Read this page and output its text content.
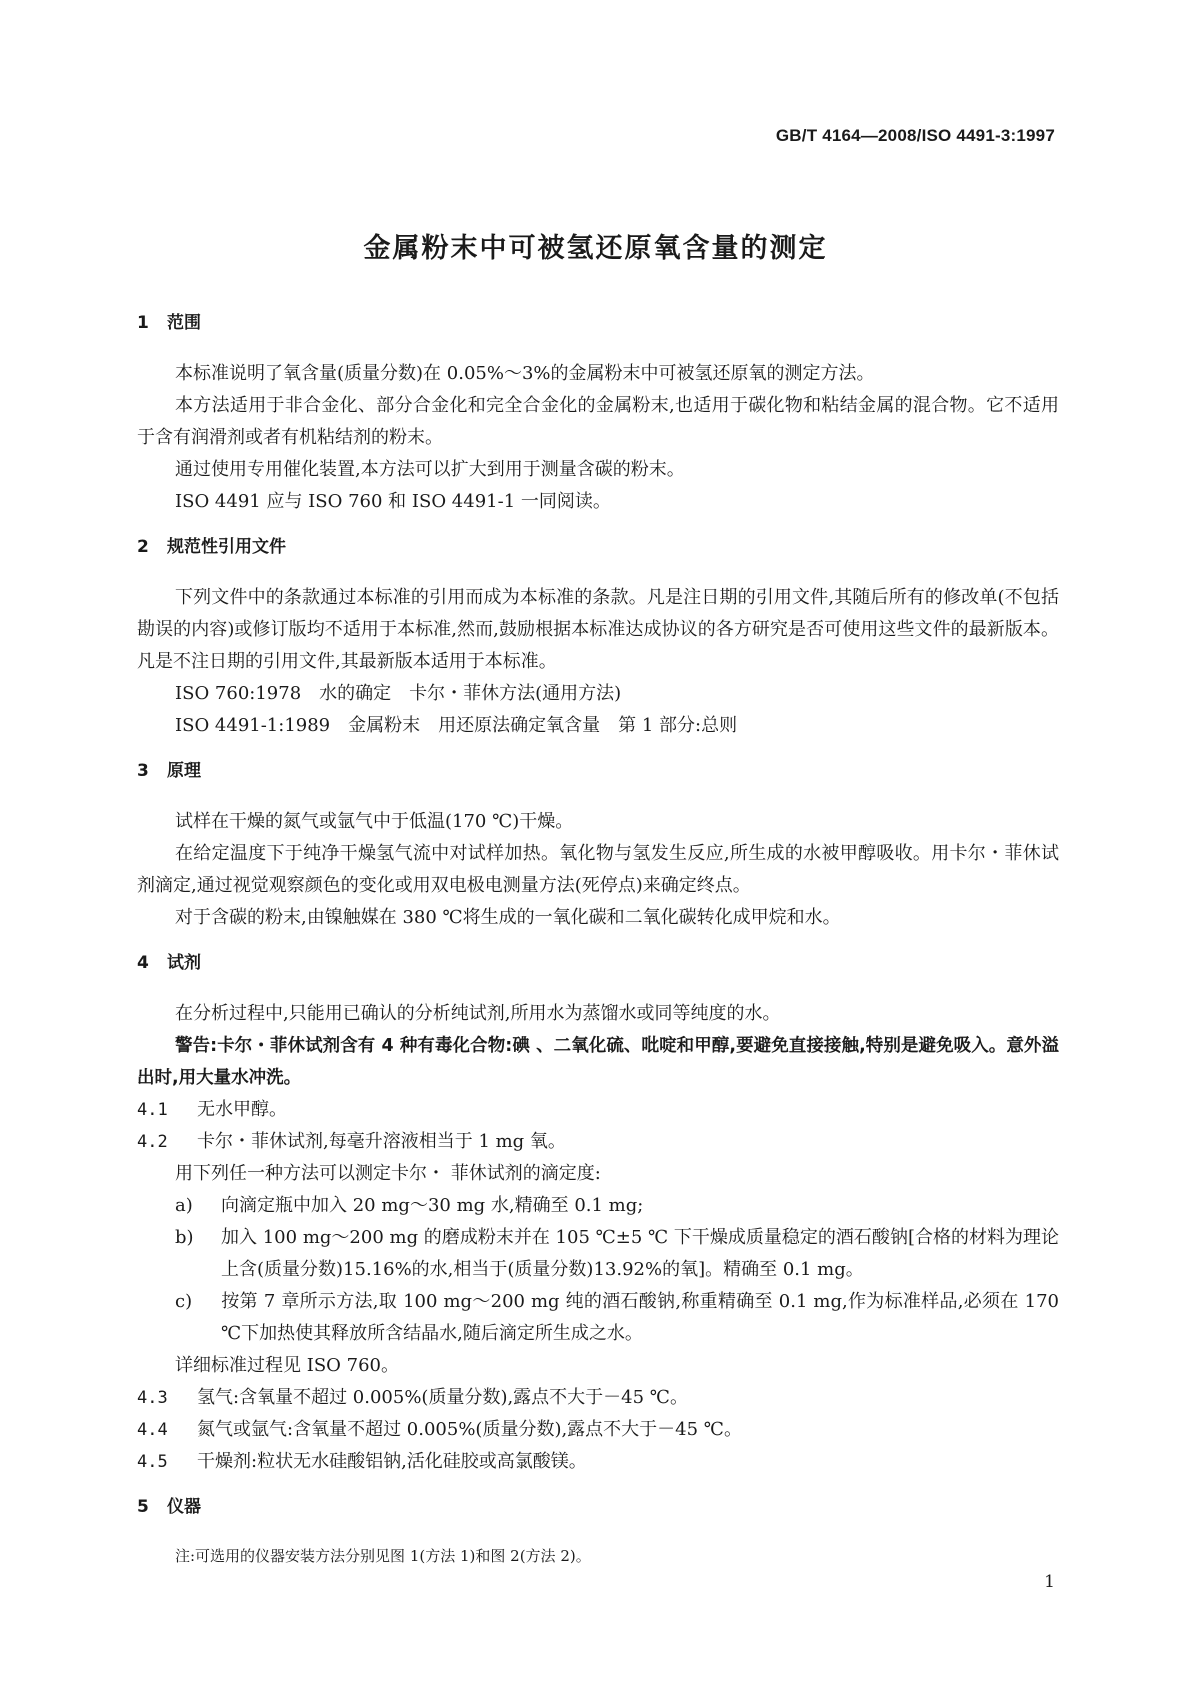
GB/T 4164—2008/ISO 4491-3:1997
金属粉末中可被氢还原氧含量的测定
1 范围

本标准说明了氧含量(质量分数)在 0.05%～3%的金属粉末中可被氢还原氧的测定方法。

本方法适用于非合金化、部分合金化和完全合金化的金属粉末,也适用于碳化物和粘结金属的混合物。它不适用于含有润滑剂或者有机粘结剂的粉末。

通过使用专用催化装置,本方法可以扩大到用于测量含碳的粉末。

ISO 4491 应与 ISO 760 和 ISO 4491-1 一同阅读。

2 规范性引用文件

下列文件中的条款通过本标准的引用而成为本标准的条款。凡是注日期的引用文件,其随后所有的修改单(不包括勘误的内容)或修订版均不适用于本标准,然而,鼓励根据本标准达成协议的各方研究是否可使用这些文件的最新版本。凡是不注日期的引用文件,其最新版本适用于本标准。

ISO 760:1978　水的确定　卡尔・菲休方法(通用方法)

ISO 4491-1:1989　金属粉末　用还原法确定氧含量　第 1 部分:总则

3 原理

试样在干燥的氮气或氩气中于低温(170 ℃)干燥。

在给定温度下于纯净干燥氢气流中对试样加热。氧化物与氢发生反应,所生成的水被甲醇吸收。用卡尔・菲休试剂滴定,通过视觉观察颜色的变化或用双电极电测量方法(死停点)来确定终点。

对于含碳的粉末,由镍触媒在 380 ℃将生成的一氧化碳和二氧化碳转化成甲烷和水。

4 试剂

在分析过程中,只能用已确认的分析纯试剂,所用水为蒸馏水或同等纯度的水。

警告:卡尔・菲休试剂含有 4 种有毒化合物:碘 、二氧化硫、吡啶和甲醇,要避免直接接触,特别是避免吸入。意外溢出时,用大量水冲洗。

4.1 无水甲醇。

4.2 卡尔・菲休试剂,每毫升溶液相当于 1 mg 氧。

用下列任一种方法可以测定卡尔・ 菲休试剂的滴定度:

a) 向滴定瓶中加入 20 mg～30 mg 水,精确至 0.1 mg;

b) 加入 100 mg～200 mg 的磨成粉末并在 105 ℃±5 ℃ 下干燥成质量稳定的酒石酸钠[合格的材料为理论上含(质量分数)15.16%的水,相当于(质量分数)13.92%的氧]。精确至 0.1 mg。

c) 按第 7 章所示方法,取 100 mg～200 mg 纯的酒石酸钠,称重精确至 0.1 mg,作为标准样品,必须在 170 ℃下加热使其释放所含结晶水,随后滴定所生成之水。

详细标准过程见 ISO 760。

4.3 氢气:含氧量不超过 0.005%(质量分数),露点不大于－45 ℃。

4.4 氮气或氩气:含氧量不超过 0.005%(质量分数),露点不大于－45 ℃。

4.5 干燥剂:粒状无水硅酸铝钠,活化硅胶或高氯酸镁。

5 仪器

注:可选用的仪器安装方法分别见图 1(方法 1)和图 2(方法 2)。

1
